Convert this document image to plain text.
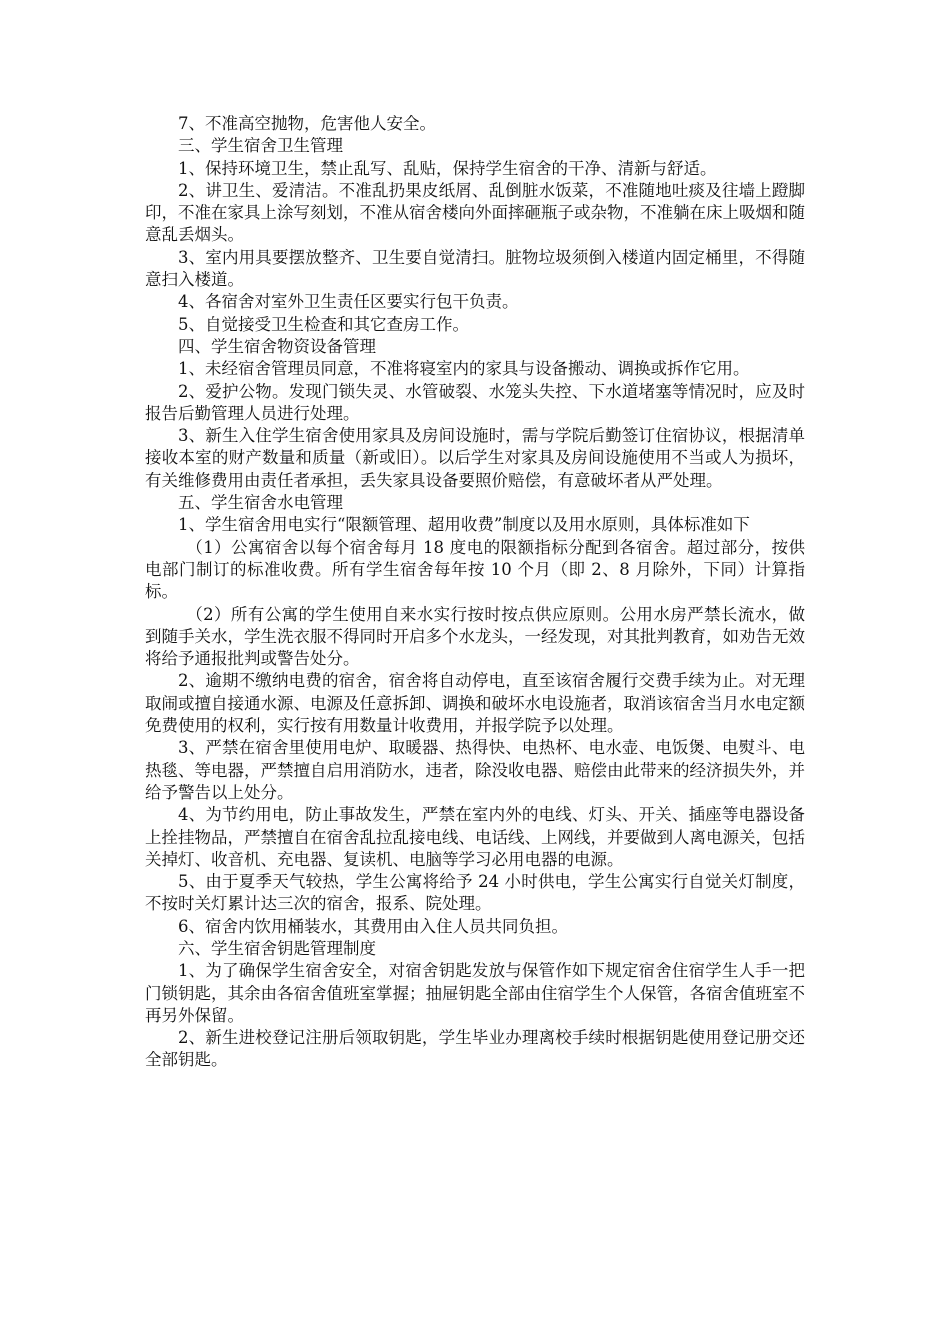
7、不准高空抛物，危害他人安全。

三、学生宿舍卫生管理

1、保持环境卫生，禁止乱写、乱贴，保持学生宿舍的干净、清新与舒适。

2、讲卫生、爱清洁。不准乱扔果皮纸屑、乱倒脏水饭菜，不准随地吐痰及往墙上蹬脚印，不准在家具上涂写刻划，不准从宿舍楼向外面摔砸瓶子或杂物，不准躺在床上吸烟和随意乱丢烟头。

3、室内用具要摆放整齐、卫生要自觉清扫。脏物垃圾须倒入楼道内固定桶里，不得随意扫入楼道。

4、各宿舍对室外卫生责任区要实行包干负责。

5、自觉接受卫生检查和其它查房工作。

四、学生宿舍物资设备管理

1、未经宿舍管理员同意，不准将寝室内的家具与设备搬动、调换或拆作它用。

2、爱护公物。发现门锁失灵、水管破裂、水笼头失控、下水道堵塞等情况时，应及时报告后勤管理人员进行处理。

3、新生入住学生宿舍使用家具及房间设施时，需与学院后勤签订住宿协议，根据清单接收本室的财产数量和质量（新或旧）。以后学生对家具及房间设施使用不当或人为损坏，有关维修费用由责任者承担，丢失家具设备要照价赔偿，有意破坏者从严处理。

五、学生宿舍水电管理

1、学生宿舍用电实行“限额管理、超用收费”制度以及用水原则，具体标准如下

（1）公寓宿舍以每个宿舍每月 18 度电的限额指标分配到各宿舍。超过部分，按供电部门制订的标准收费。所有学生宿舍每年按 10 个月（即 2、8 月除外，下同）计算指标。

（2）所有公寓的学生使用自来水实行按时按点供应原则。公用水房严禁长流水，做到随手关水，学生洗衣服不得同时开启多个水龙头，一经发现，对其批判教育，如劝告无效将给予通报批判或警告处分。

2、逾期不缴纳电费的宿舍，宿舍将自动停电，直至该宿舍履行交费手续为止。对无理取闹或擅自接通水源、电源及任意拆卸、调换和破坏水电设施者，取消该宿舍当月水电定额免费使用的权利，实行按有用数量计收费用，并报学院予以处理。

3、严禁在宿舍里使用电炉、取暖器、热得快、电热杯、电水壶、电饭煲、电熨斗、电热毯、等电器，严禁擅自启用消防水，违者，除没收电器、赔偿由此带来的经济损失外，并给予警告以上处分。

4、为节约用电，防止事故发生，严禁在室内外的电线、灯头、开关、插座等电器设备上拴挂物品，严禁擅自在宿舍乱拉乱接电线、电话线、上网线，并要做到人离电源关，包括关掉灯、收音机、充电器、复读机、电脑等学习必用电器的电源。

5、由于夏季天气较热，学生公寓将给予 24 小时供电，学生公寓实行自觉关灯制度，不按时关灯累计达三次的宿舍，报系、院处理。

6、宿舍内饮用桶装水，其费用由入住人员共同负担。

六、学生宿舍钥匙管理制度

1、为了确保学生宿舍安全，对宿舍钥匙发放与保管作如下规定宿舍住宿学生人手一把门锁钥匙，其余由各宿舍值班室掌握；抽屉钥匙全部由住宿学生个人保管，各宿舍值班室不再另外保留。

2、新生进校登记注册后领取钥匙，学生毕业办理离校手续时根据钥匙使用登记册交还全部钥匙。
